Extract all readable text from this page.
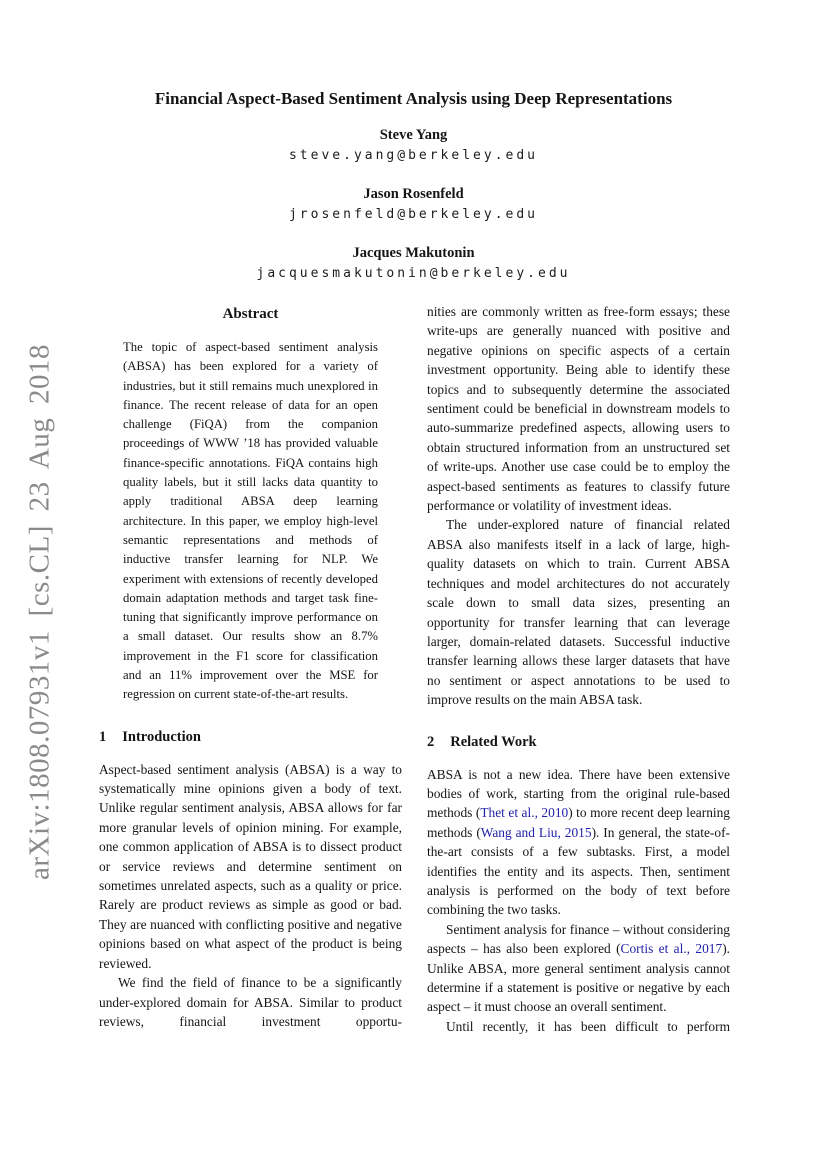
arXiv:1808.07931v1 [cs.CL] 23 Aug 2018
Financial Aspect-Based Sentiment Analysis using Deep Representations
Steve Yang
steve.yang@berkeley.edu
Jason Rosenfeld
jrosenfeld@berkeley.edu
Jacques Makutonin
jacquesmakutonin@berkeley.edu
Abstract

The topic of aspect-based sentiment analysis (ABSA) has been explored for a variety of industries, but it still remains much unexplored in finance. The recent release of data for an open challenge (FiQA) from the companion proceedings of WWW ’18 has provided valuable finance-specific annotations. FiQA contains high quality labels, but it still lacks data quantity to apply traditional ABSA deep learning architecture. In this paper, we employ high-level semantic representations and methods of inductive transfer learning for NLP. We experiment with extensions of recently developed domain adaptation methods and target task fine-tuning that significantly improve performance on a small dataset. Our results show an 8.7% improvement in the F1 score for classification and an 11% improvement over the MSE for regression on current state-of-the-art results.

1 Introduction

Aspect-based sentiment analysis (ABSA) is a way to systematically mine opinions given a body of text. Unlike regular sentiment analysis, ABSA allows for far more granular levels of opinion mining. For example, one common application of ABSA is to dissect product or service reviews and determine sentiment on sometimes unrelated aspects, such as a quality or price. Rarely are product reviews as simple as good or bad. They are nuanced with conflicting positive and negative opinions based on what aspect of the product is being reviewed.

We find the field of finance to be a significantly under-explored domain for ABSA. Similar to product reviews, financial investment opportu-

nities are commonly written as free-form essays; these write-ups are generally nuanced with positive and negative opinions on specific aspects of a certain investment opportunity. Being able to identify these topics and to subsequently determine the associated sentiment could be beneficial in downstream models to auto-summarize predefined aspects, allowing users to obtain structured information from an unstructured set of write-ups. Another use case could be to employ the aspect-based sentiments as features to classify future performance or volatility of investment ideas.

The under-explored nature of financial related ABSA also manifests itself in a lack of large, high-quality datasets on which to train. Current ABSA techniques and model architectures do not accurately scale down to small data sizes, presenting an opportunity for transfer learning that can leverage larger, domain-related datasets. Successful inductive transfer learning allows these larger datasets that have no sentiment or aspect annotations to be used to improve results on the main ABSA task.

2 Related Work

ABSA is not a new idea. There have been extensive bodies of work, starting from the original rule-based methods (Thet et al., 2010) to more recent deep learning methods (Wang and Liu, 2015). In general, the state-of-the-art consists of a few subtasks. First, a model identifies the entity and its aspects. Then, sentiment analysis is performed on the body of text before combining the two tasks.

Sentiment analysis for finance – without considering aspects – has also been explored (Cortis et al., 2017). Unlike ABSA, more general sentiment analysis cannot determine if a statement is positive or negative by each aspect – it must choose an overall sentiment.

Until recently, it has been difficult to perform
